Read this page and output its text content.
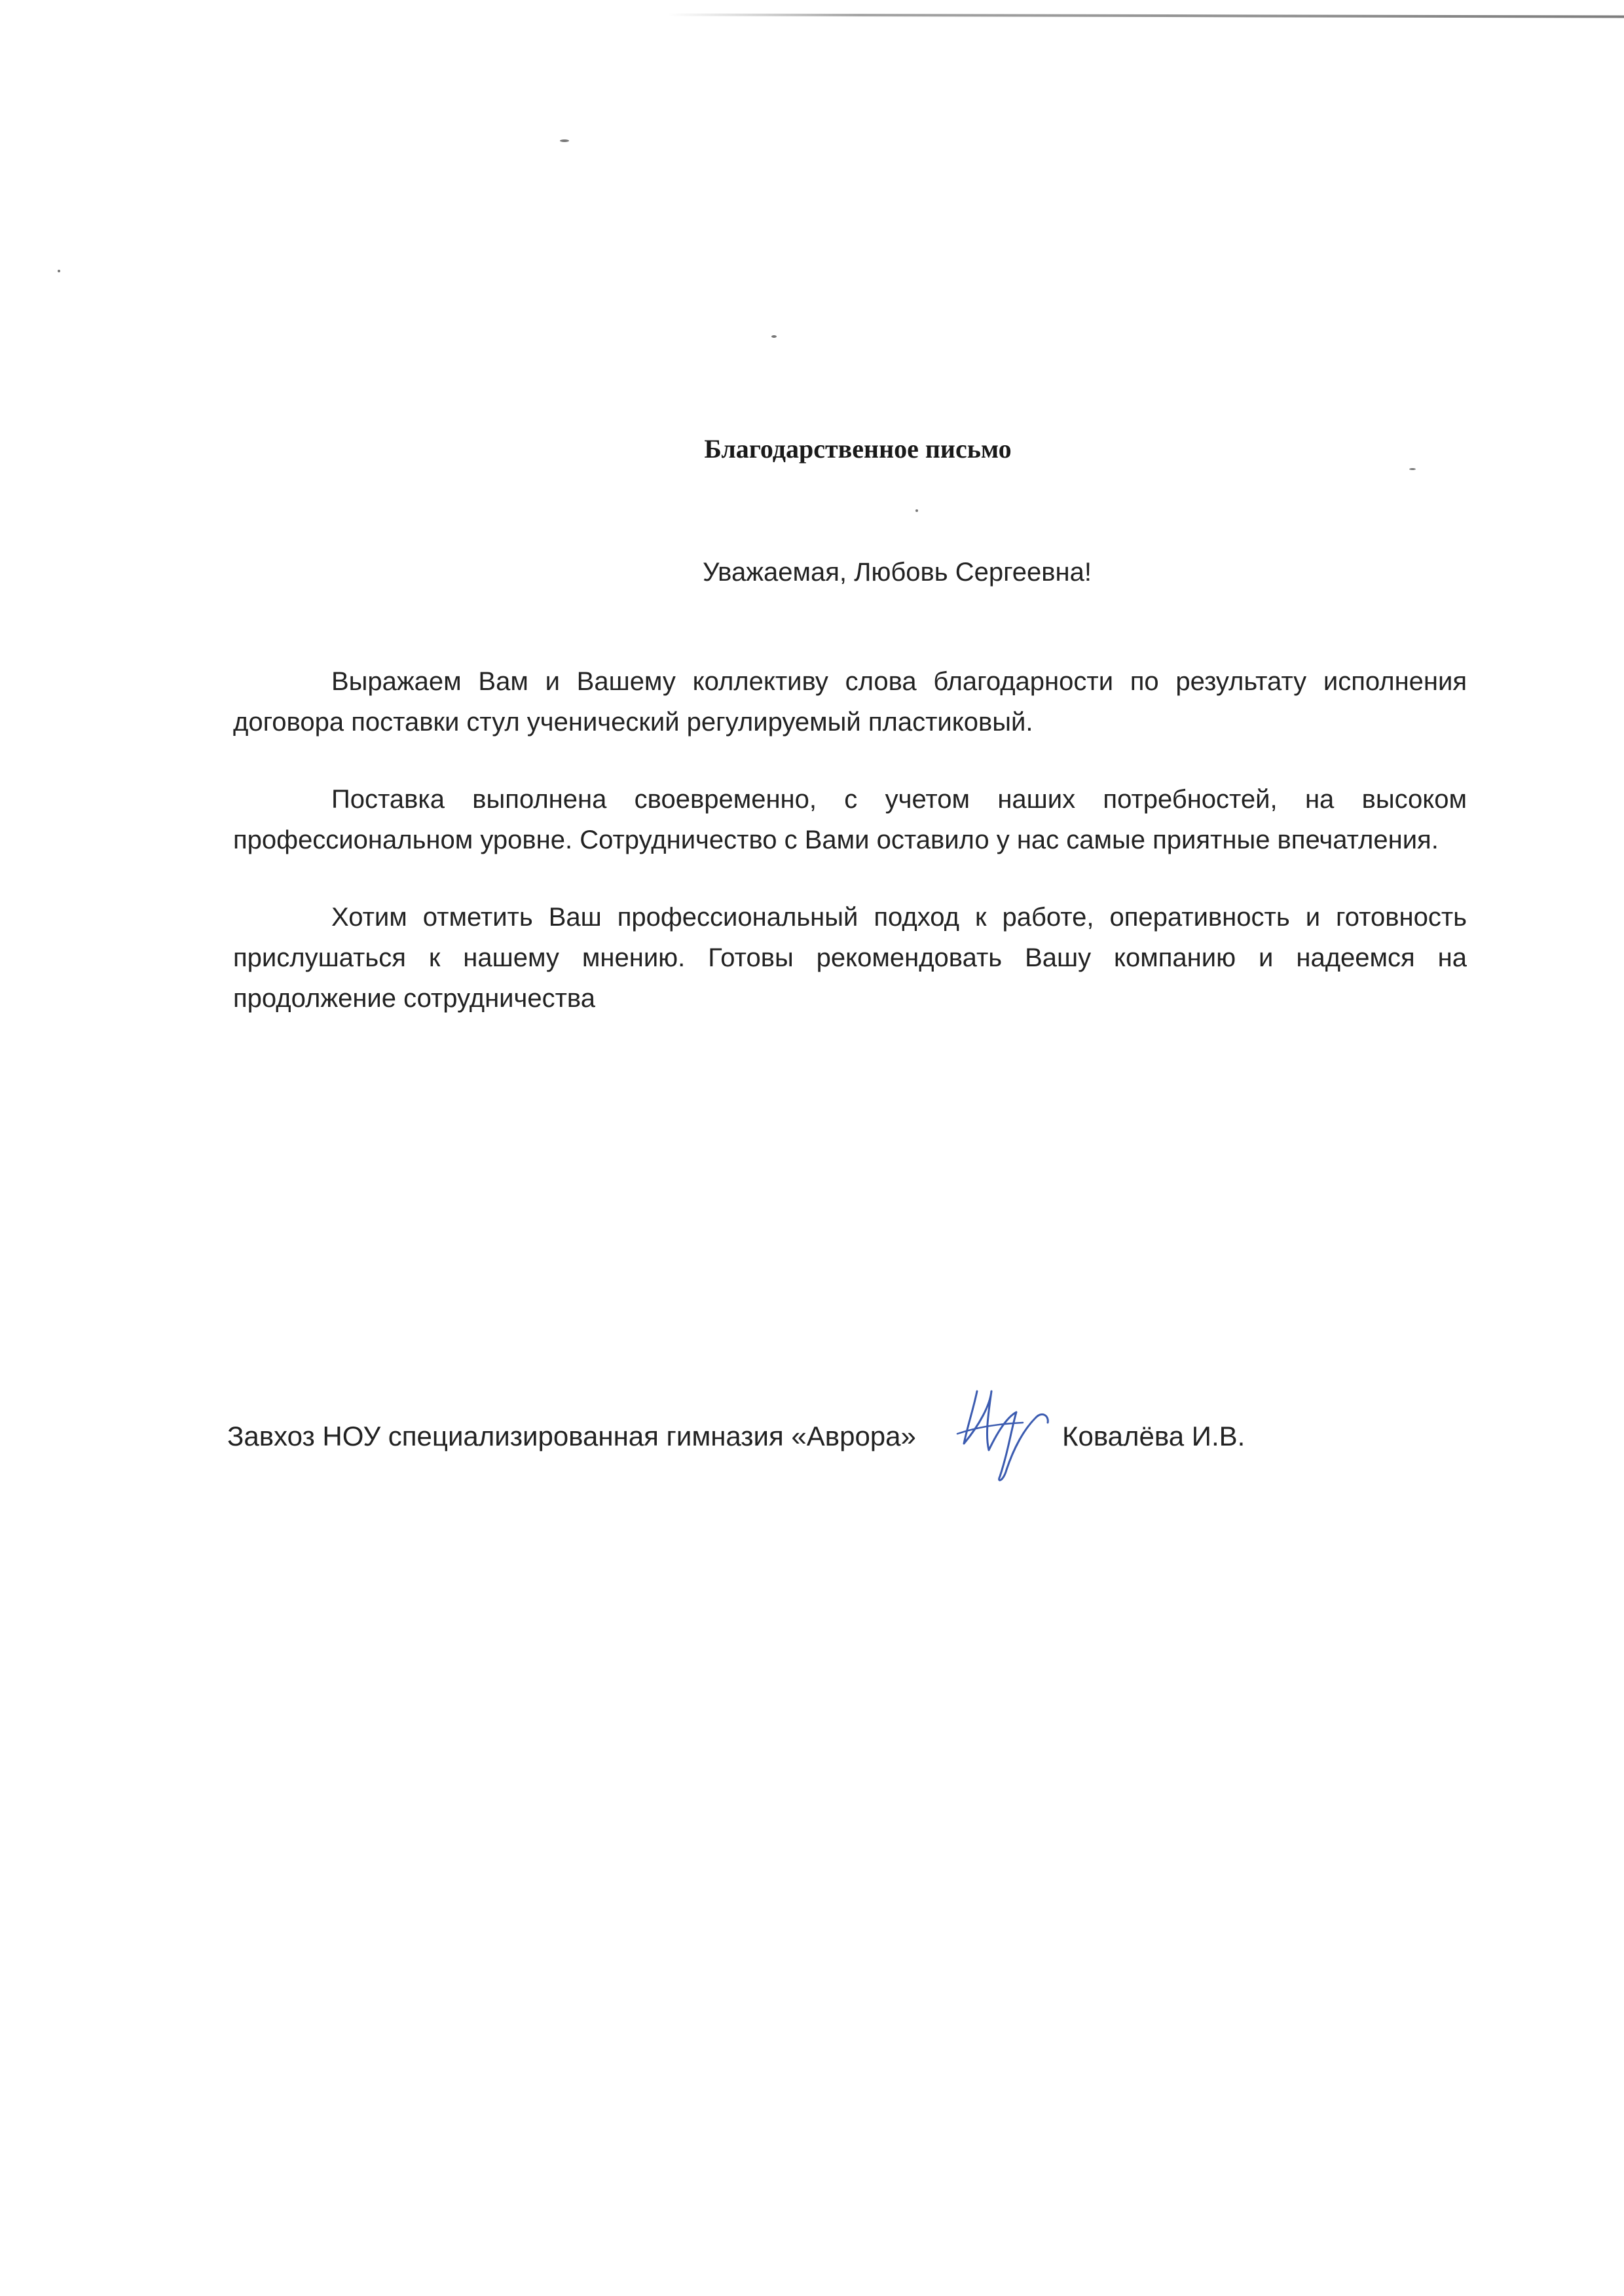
Благодарственное письмо
Уважаемая, Любовь Сергеевна!

Выражаем Вам и Вашему коллективу слова благодарности по результату исполнения договора поставки стул ученический регулируемый пластиковый.

Поставка выполнена своевременно, с учетом наших потребностей, на высоком профессиональном уровне. Сотрудничество с Вами оставило у нас самые приятные впечатления.

Хотим отметить Ваш профессиональный подход к работе, оперативность и готовность прислушаться к нашему мнению. Готовы рекомендовать Вашу компанию и надеемся на продолжение сотрудничества

Завхоз НОУ специализированная гимназия «Аврора»	Ковалёва И.В.
